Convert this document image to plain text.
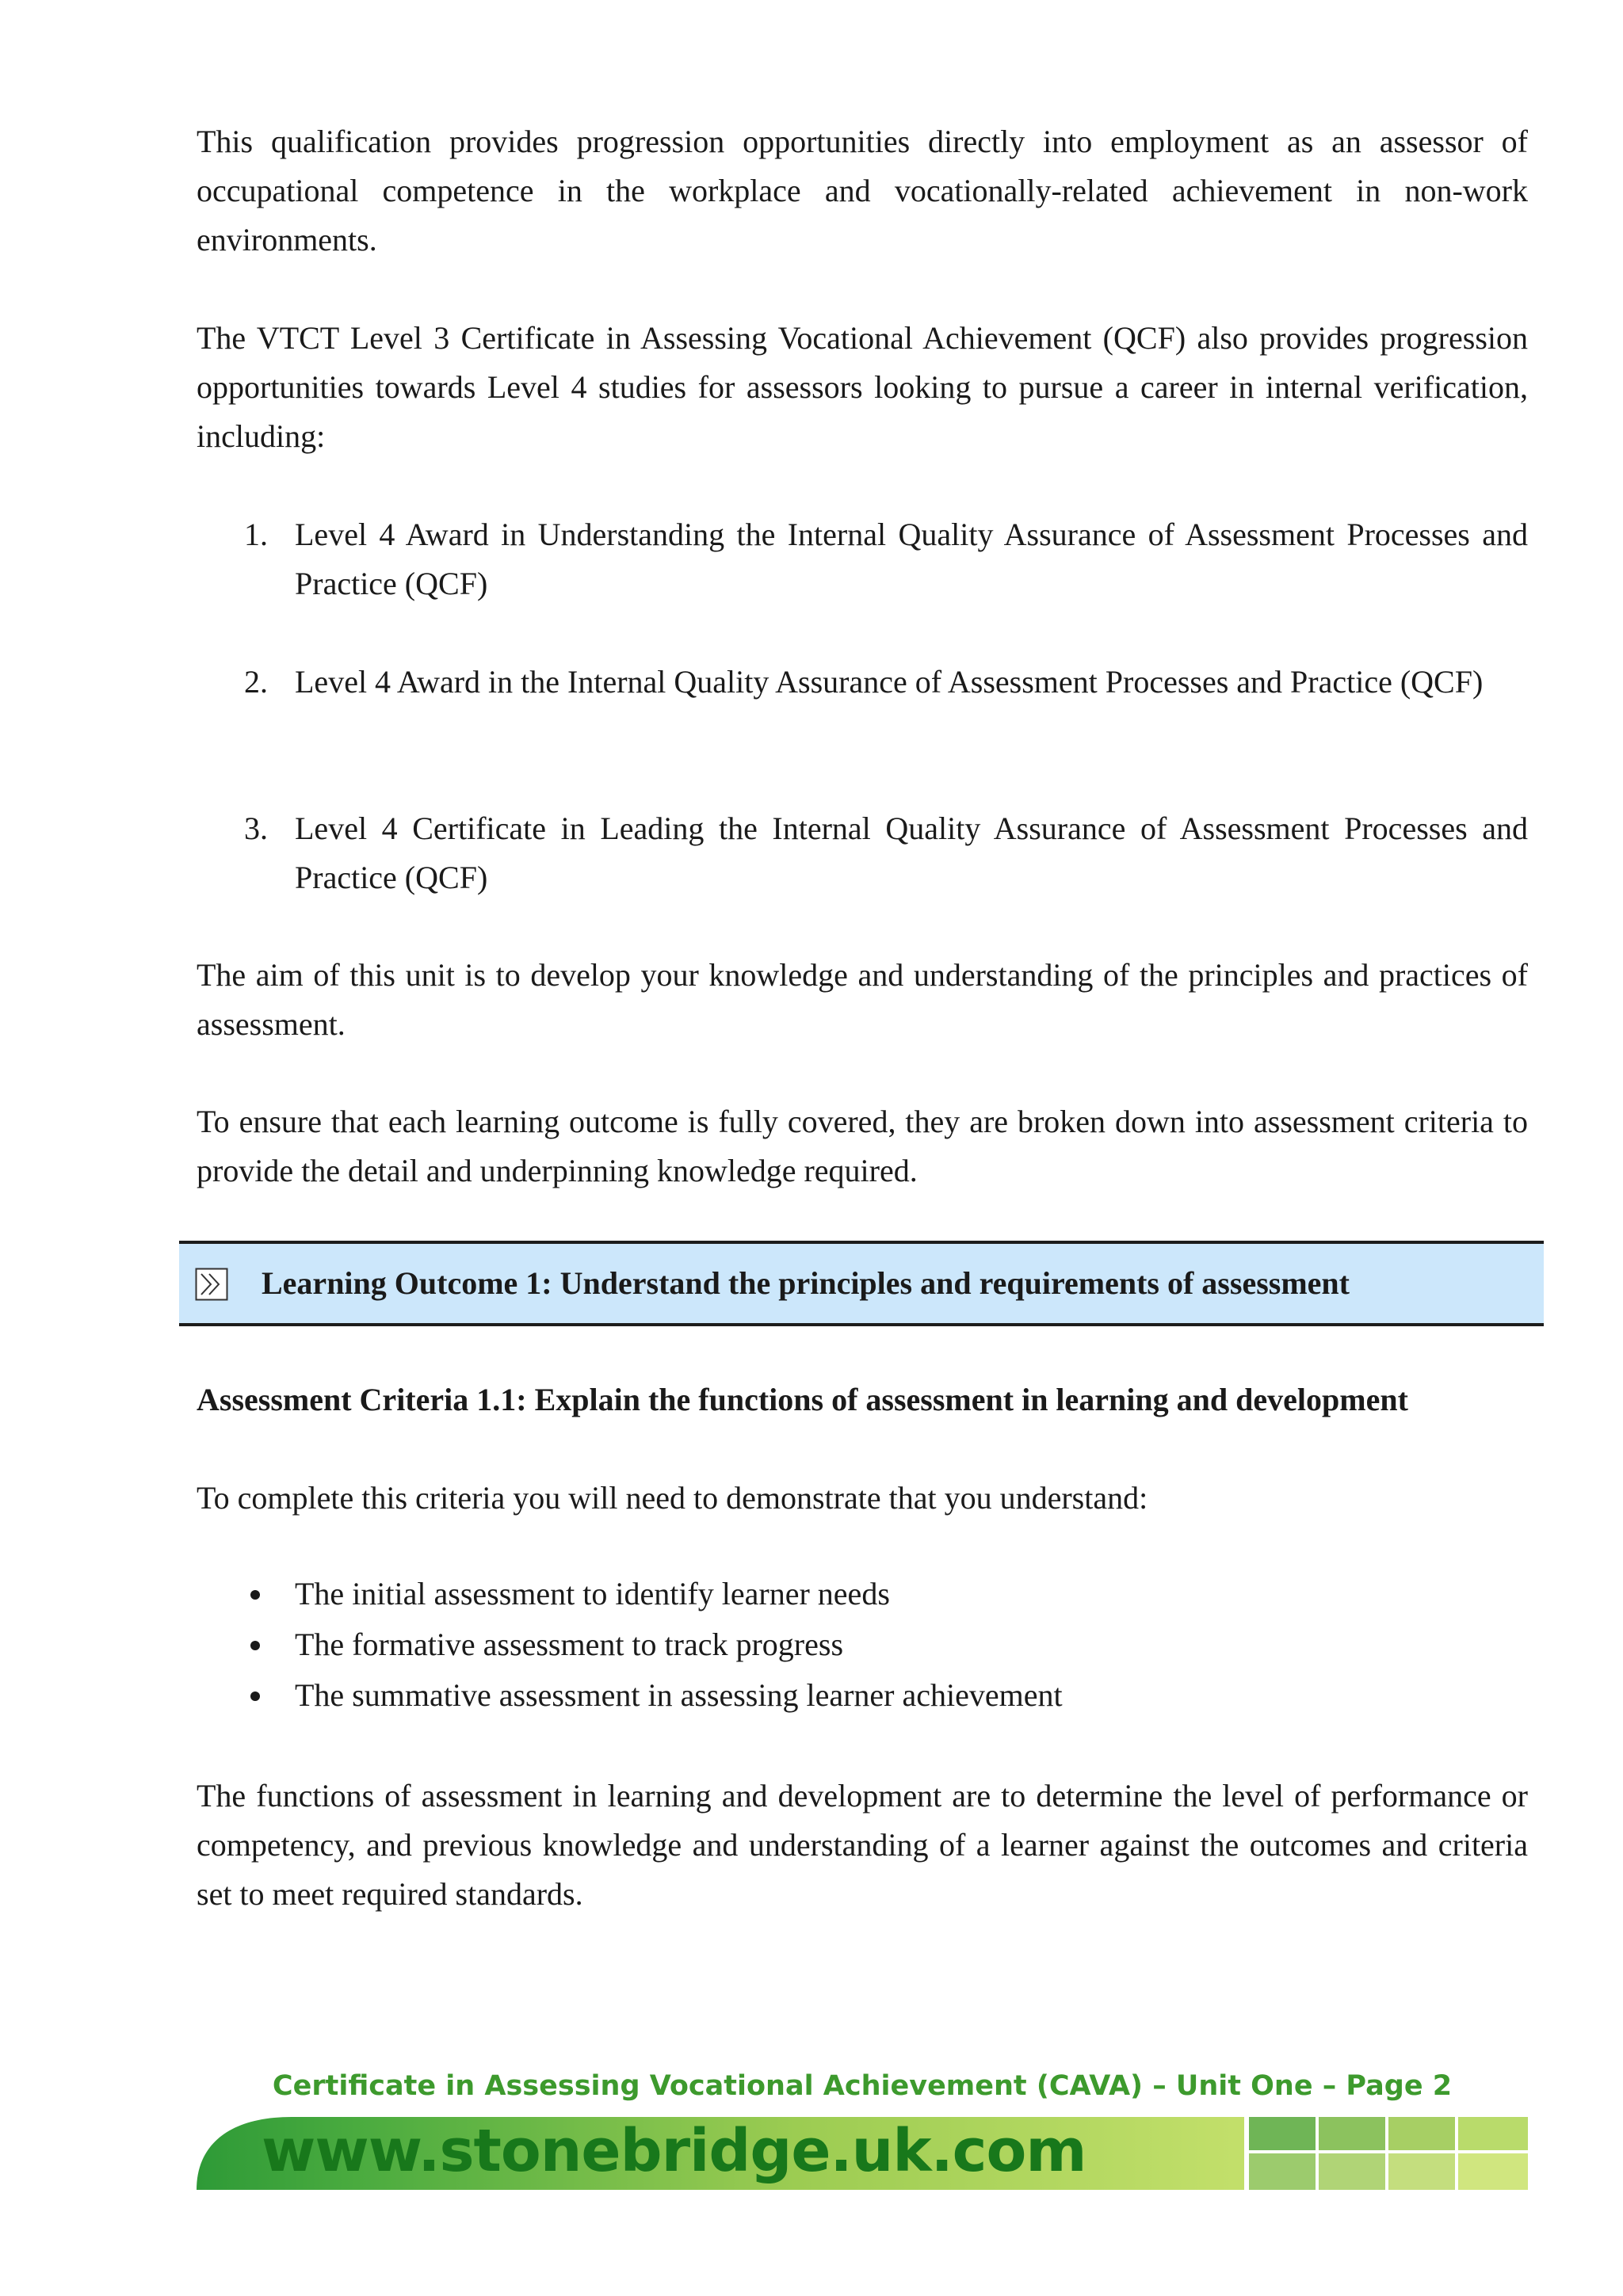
This qualification provides progression opportunities directly into employment as an assessor of occupational competence in the workplace and vocationally-related achievement in non-work environments.

The VTCT Level 3 Certificate in Assessing Vocational Achievement (QCF) also provides progression opportunities towards Level 4 studies for assessors looking to pursue a career in internal verification, including:

1. Level 4 Award in Understanding the Internal Quality Assurance of Assessment Processes and Practice (QCF)
2. Level 4 Award in the Internal Quality Assurance of Assessment Processes and Practice (QCF)
3. Level 4 Certificate in Leading the Internal Quality Assurance of Assessment Processes and Practice (QCF)

The aim of this unit is to develop your knowledge and understanding of the principles and practices of assessment.

To ensure that each learning outcome is fully covered, they are broken down into assessment criteria to provide the detail and underpinning knowledge required.

Learning Outcome 1: Understand the principles and requirements of assessment
Assessment Criteria 1.1: Explain the functions of assessment in learning and development

To complete this criteria you will need to demonstrate that you understand:

The initial assessment to identify learner needs
The formative assessment to track progress
The summative assessment in assessing learner achievement

The functions of assessment in learning and development are to determine the level of performance or competency, and previous knowledge and understanding of a learner against the outcomes and criteria set to meet required standards.

Certificate in Assessing Vocational Achievement (CAVA) – Unit One – Page 2
www.stonebridge.uk.com
